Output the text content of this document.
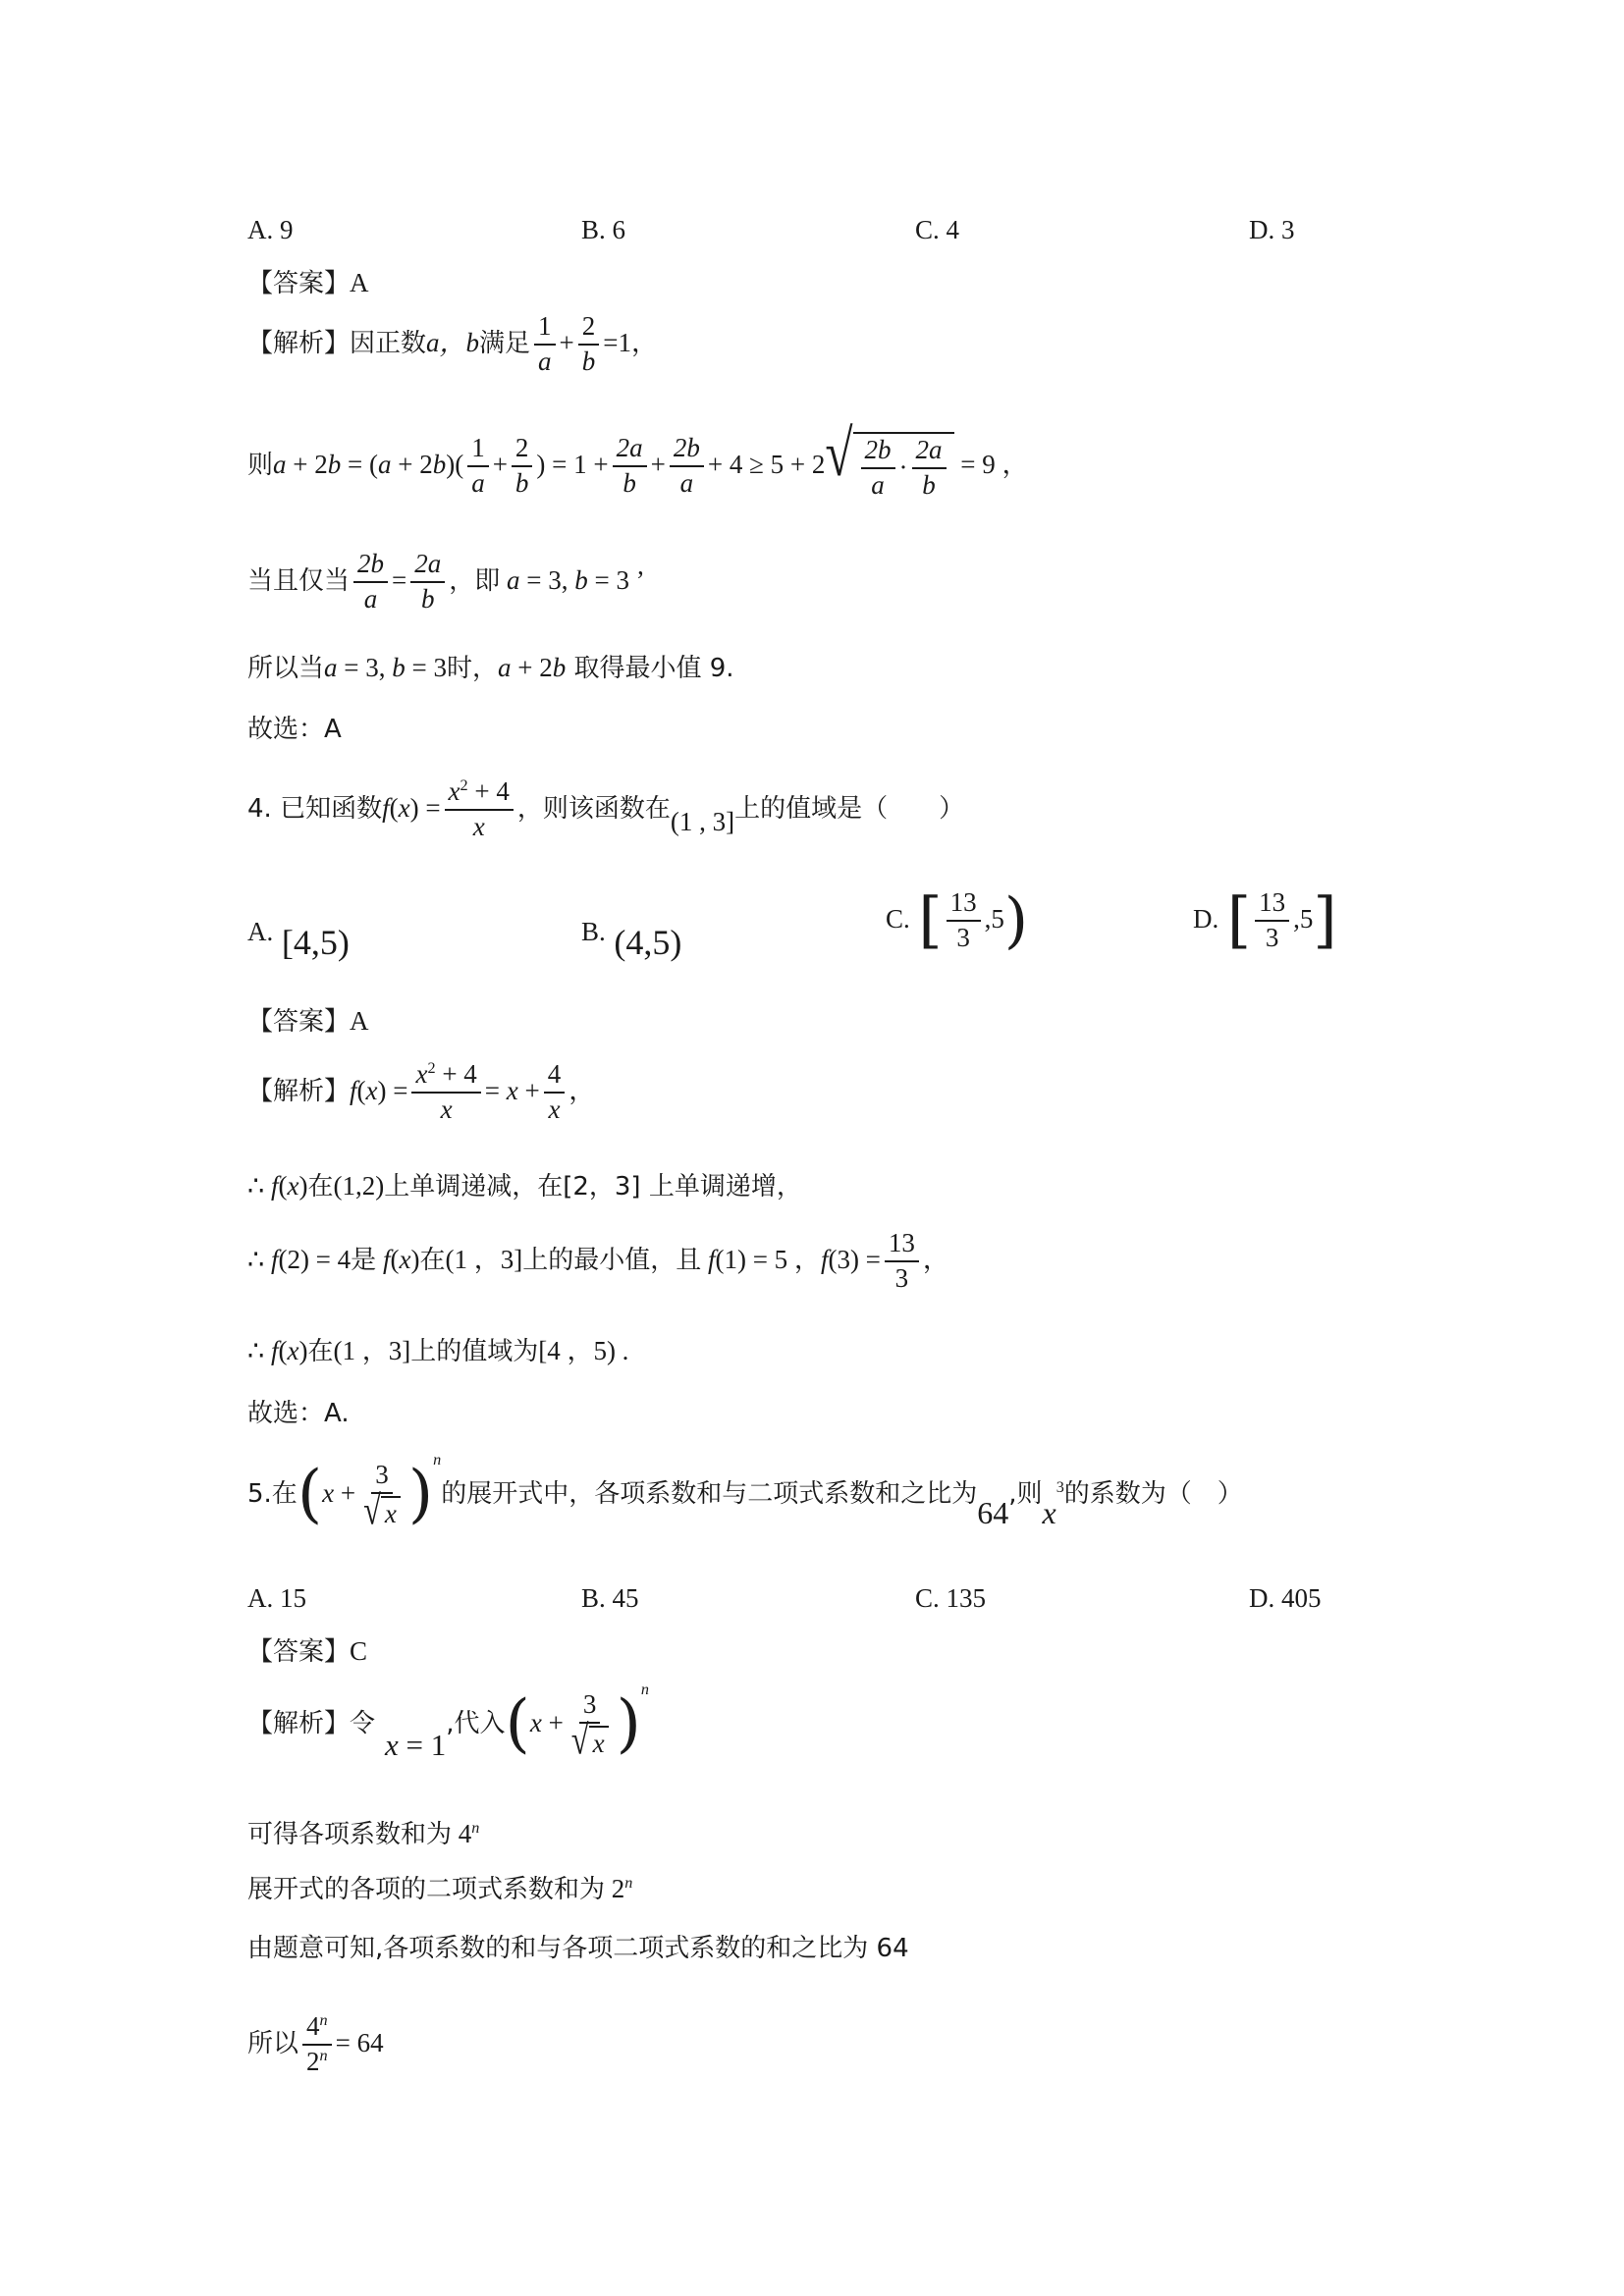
A. 9	B. 6	C. 4	D. 3
【答案】A
【解析】因正数a，b满足 $\frac{1}{a} + \frac{2}{b} =1$，
则$a + 2b = (a + 2b)( \frac{1}{a} + \frac{2}{b}$ ) = $1 + \frac{2a}{b} + \frac{2b}{a} + 4 \ge 5 + 2$ √ $\frac{2b}{a} \cdot \frac{2a}{b} = 9$ ，
当且仅当 $\frac{2b}{a} = \frac{2a}{b}$ ，即 a = 3, b = 3 ’
所以当a = 3, b = 3时，a + 2b 取得最小值 9.
故选：A
4. 已知函数$f(x) = \frac{x^2 + 4}{x}$ ，则该函数在(1 , 3]上的值域是（　　）
A. [4,5)	B. (4,5)
C. [ $\frac{13}{3} ,5$)	D. [ $\frac{13}{3} ,5$]
【答案】A
【解析】$f(x) = \frac{x^2 + 4}{x} = x + \frac{4}{x}$ ，
∴ f(x)在(1,2)上单调递减，在[2，3] 上单调递增，
∴ f(2) = 4是 f(x)在(1 ，3]上的最小值，且 f(1) = 5 ，$f(3) = \frac{13}{3}$ ，
∴ f(x)在(1 ，3]上的值域为[4 ，5) .
故选：A.
5.在$(x + \frac{3}{√ x} )^n$的展开式中，各项系数和与二项式系数和之比为64,则$x^3$的系数为（　）
A. 15	B. 45	C. 135	D. 405
【答案】C
【解析】令x = 1,代入$(x + \frac{3}{√ x} )^n$
可得各项系数和为 4$^n$
展开式的各项的二项式系数和为 2$^n$
由题意可知,各项系数的和与各项二项式系数的和之比为 64
所以 $\frac{4^n}{2^n} = 64$
